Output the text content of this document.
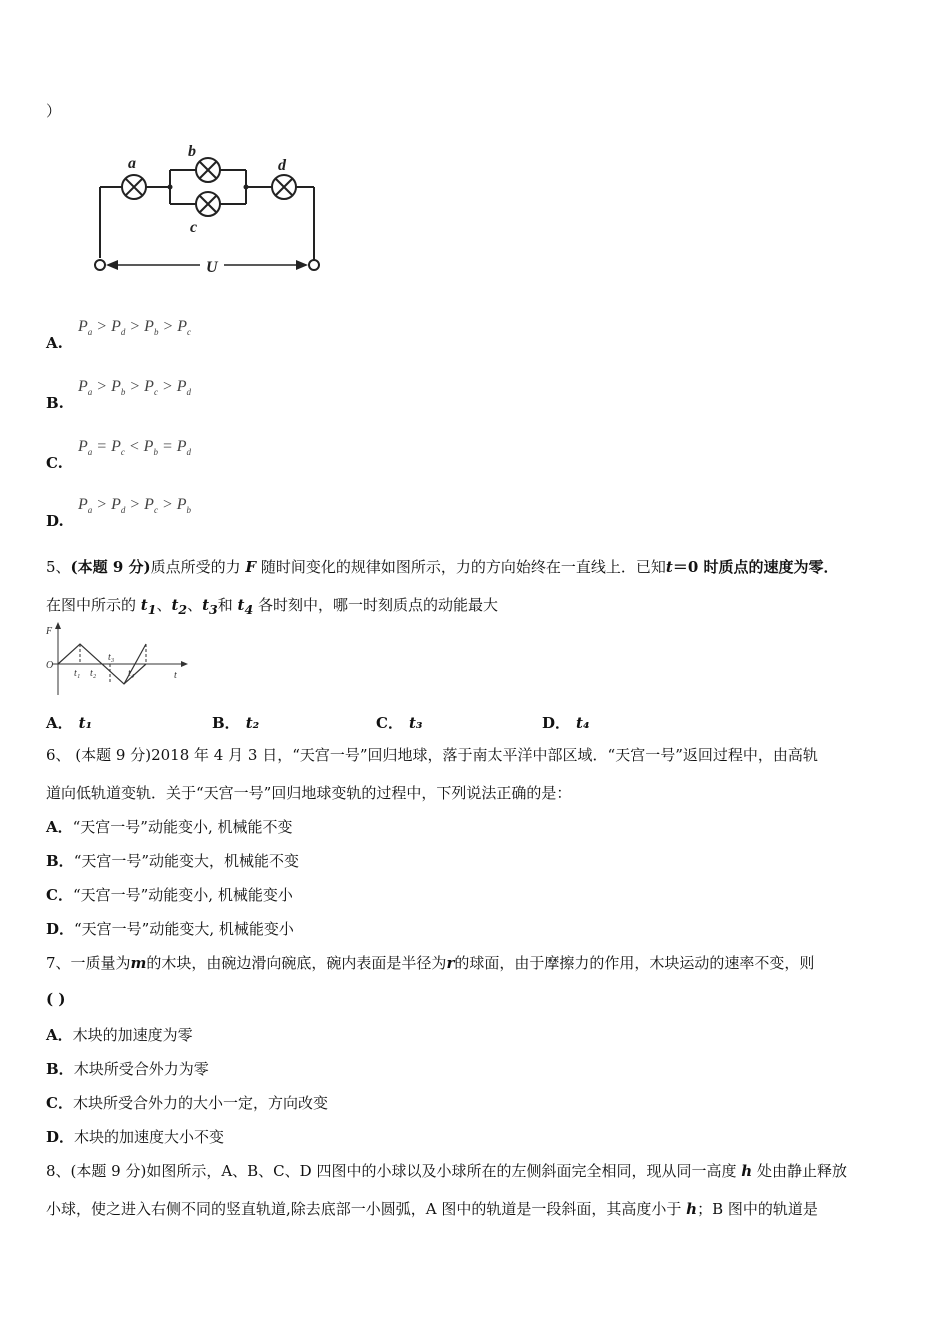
）
a
b
c
d
U
A.
$P_a > P_d > P_b > P_c$
B.
$P_a > P_b > P_c > P_d$
C.
$P_a = P_c < P_b = P_d$
D.
$P_a > P_d > P_c > P_b$
5、(本题 9 分)质点所受的力 F 随时间变化的规律如图所示，力的方向始终在一直线上．已知t＝0 时质点的速度为零．
在图中所示的 $t_1$、$t_2$、$t_3$和 $t_4$ 各时刻中，哪一时刻质点的动能最大
F
O
t
t₁ t₂
t₃
t₄
A． t₁	B． t₂	C． t₃	D． t₄
6、 (本题 9 分)2018 年 4 月 3 日，“天宫一号”回归地球，落于南太平洋中部区域．“天宫一号”返回过程中，由高轨
道向低轨道变轨．关于“天宫一号”回归地球变轨的过程中，下列说法正确的是：
A．“天宫一号”动能变小, 机械能不变
B．“天宫一号”动能变大，机械能不变
C．“天宫一号”动能变小, 机械能变小
D．“天宫一号”动能变大, 机械能变小
7、一质量为m的木块，由碗边滑向碗底，碗内表面是半径为r的球面，由于摩擦力的作用，木块运动的速率不变，则
( )
A．木块的加速度为零
B．木块所受合外力为零
C．木块所受合外力的大小一定，方向改变
D．木块的加速度大小不变
8、(本题 9 分)如图所示，A、B、C、D 四图中的小球以及小球所在的左侧斜面完全相同，现从同一高度 h 处由静止释放
小球，使之进入右侧不同的竖直轨道,除去底部一小圆弧，A 图中的轨道是一段斜面，其高度小于 h；B 图中的轨道是
